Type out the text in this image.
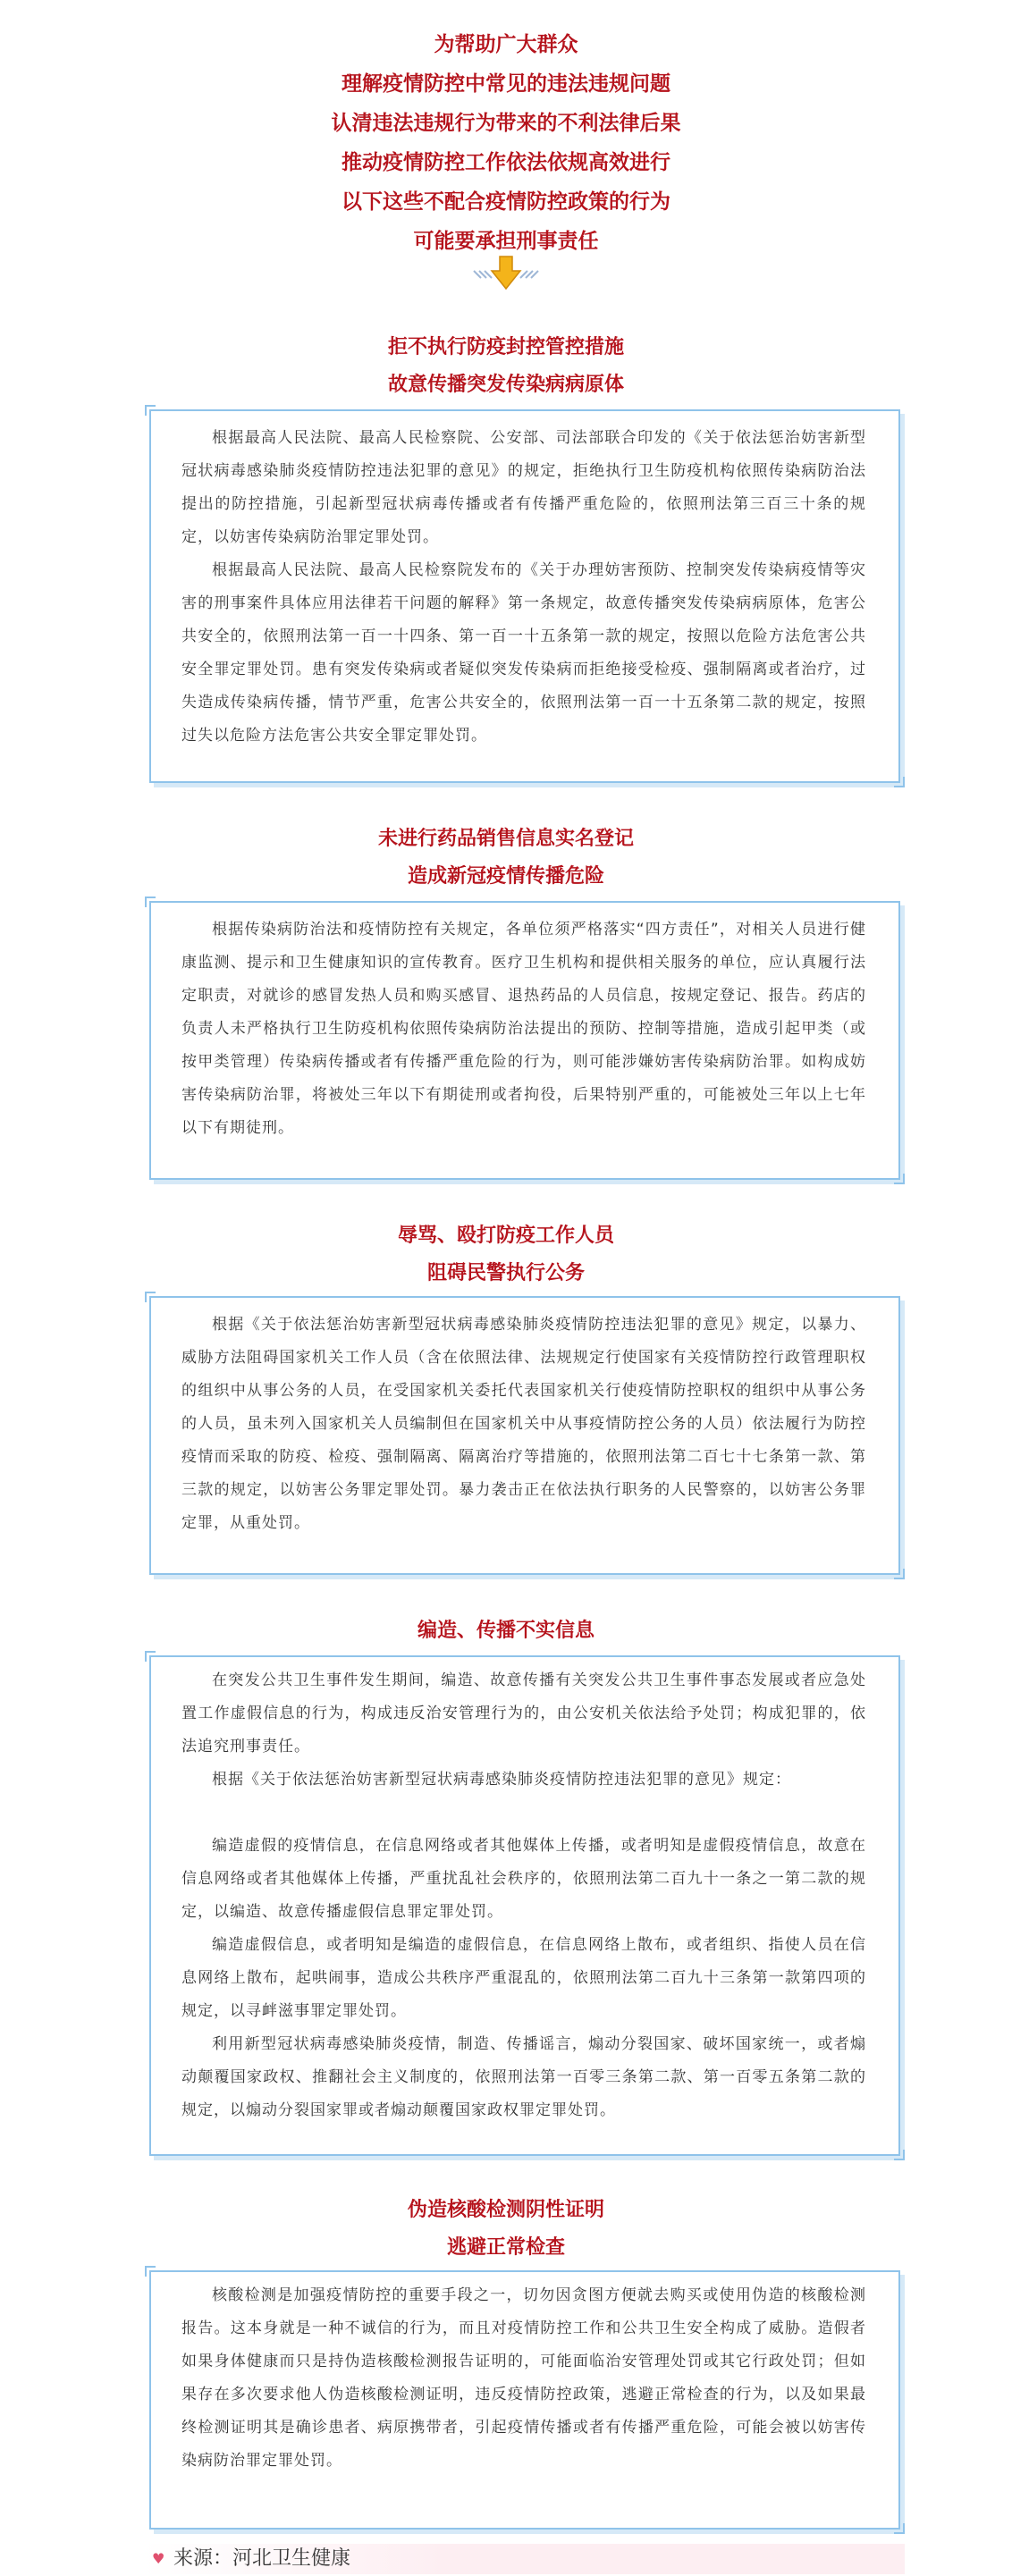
为帮助广大群众
理解疫情防控中常见的违法违规问题
认清违法违规行为带来的不利法律后果
推动疫情防控工作依法依规高效进行
以下这些不配合疫情防控政策的行为
可能要承担刑事责任
拒不执行防疫封控管控措施
故意传播突发传染病病原体
根据最高人民法院、最高人民检察院、公安部、司法部联合印发的《关于依法惩治妨害新型冠状病毒感染肺炎疫情防控违法犯罪的意见》的规定，拒绝执行卫生防疫机构依照传染病防治法提出的防控措施，引起新型冠状病毒传播或者有传播严重危险的，依照刑法第三百三十条的规定，以妨害传染病防治罪定罪处罚。
根据最高人民法院、最高人民检察院发布的《关于办理妨害预防、控制突发传染病疫情等灾害的刑事案件具体应用法律若干问题的解释》第一条规定，故意传播突发传染病病原体，危害公共安全的，依照刑法第一百一十四条、第一百一十五条第一款的规定，按照以危险方法危害公共安全罪定罪处罚。患有突发传染病或者疑似突发传染病而拒绝接受检疫、强制隔离或者治疗，过失造成传染病传播，情节严重，危害公共安全的，依照刑法第一百一十五条第二款的规定，按照过失以危险方法危害公共安全罪定罪处罚。
未进行药品销售信息实名登记
造成新冠疫情传播危险
根据传染病防治法和疫情防控有关规定，各单位须严格落实“四方责任”，对相关人员进行健康监测、提示和卫生健康知识的宣传教育。医疗卫生机构和提供相关服务的单位，应认真履行法定职责，对就诊的感冒发热人员和购买感冒、退热药品的人员信息，按规定登记、报告。药店的负责人未严格执行卫生防疫机构依照传染病防治法提出的预防、控制等措施，造成引起甲类（或按甲类管理）传染病传播或者有传播严重危险的行为，则可能涉嫌妨害传染病防治罪。如构成妨害传染病防治罪，将被处三年以下有期徒刑或者拘役，后果特别严重的，可能被处三年以上七年以下有期徒刑。
辱骂、殴打防疫工作人员
阻碍民警执行公务
根据《关于依法惩治妨害新型冠状病毒感染肺炎疫情防控违法犯罪的意见》规定，以暴力、威胁方法阻碍国家机关工作人员（含在依照法律、法规规定行使国家有关疫情防控行政管理职权的组织中从事公务的人员，在受国家机关委托代表国家机关行使疫情防控职权的组织中从事公务的人员，虽未列入国家机关人员编制但在国家机关中从事疫情防控公务的人员）依法履行为防控疫情而采取的防疫、检疫、强制隔离、隔离治疗等措施的，依照刑法第二百七十七条第一款、第三款的规定，以妨害公务罪定罪处罚。暴力袭击正在依法执行职务的人民警察的，以妨害公务罪定罪，从重处罚。
编造、传播不实信息
在突发公共卫生事件发生期间，编造、故意传播有关突发公共卫生事件事态发展或者应急处置工作虚假信息的行为，构成违反治安管理行为的，由公安机关依法给予处罚；构成犯罪的，依法追究刑事责任。
根据《关于依法惩治妨害新型冠状病毒感染肺炎疫情防控违法犯罪的意见》规定：
编造虚假的疫情信息，在信息网络或者其他媒体上传播，或者明知是虚假疫情信息，故意在信息网络或者其他媒体上传播，严重扰乱社会秩序的，依照刑法第二百九十一条之一第二款的规定，以编造、故意传播虚假信息罪定罪处罚。
编造虚假信息，或者明知是编造的虚假信息，在信息网络上散布，或者组织、指使人员在信息网络上散布，起哄闹事，造成公共秩序严重混乱的，依照刑法第二百九十三条第一款第四项的规定，以寻衅滋事罪定罪处罚。
利用新型冠状病毒感染肺炎疫情，制造、传播谣言，煽动分裂国家、破坏国家统一，或者煽动颠覆国家政权、推翻社会主义制度的，依照刑法第一百零三条第二款、第一百零五条第二款的规定，以煽动分裂国家罪或者煽动颠覆国家政权罪定罪处罚。
伪造核酸检测阴性证明
逃避正常检查
核酸检测是加强疫情防控的重要手段之一，切勿因贪图方便就去购买或使用伪造的核酸检测报告。这本身就是一种不诚信的行为，而且对疫情防控工作和公共卫生安全构成了威胁。造假者如果身体健康而只是持伪造核酸检测报告证明的，可能面临治安管理处罚或其它行政处罚；但如果存在多次要求他人伪造核酸检测证明，违反疫情防控政策，逃避正常检查的行为，以及如果最终检测证明其是确诊患者、病原携带者，引起疫情传播或者有传播严重危险，可能会被以妨害传染病防治罪定罪处罚。
♥ 来源：河北卫生健康
